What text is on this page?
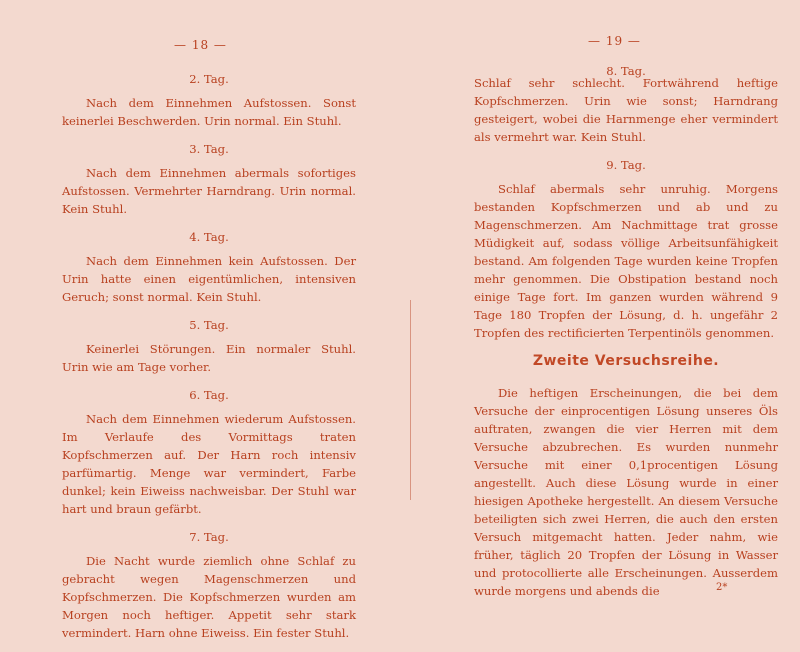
— 18 —
2. Tag.

Nach dem Einnehmen Aufstossen. Sonst keinerlei Beschwerden. Urin normal. Ein Stuhl.

3. Tag.

Nach dem Einnehmen abermals sofortiges Aufstossen. Vermehrter Harndrang. Urin normal. Kein Stuhl.

4. Tag.

Nach dem Einnehmen kein Aufstossen. Der Urin hatte einen eigentümlichen, intensiven Geruch; sonst normal. Kein Stuhl.

5. Tag.

Keinerlei Störungen. Ein normaler Stuhl. Urin wie am Tage vorher.

6. Tag.

Nach dem Einnehmen wiederum Aufstossen. Im Verlaufe des Vormittags traten Kopfschmerzen auf. Der Harn roch intensiv parfümartig. Menge war vermindert, Farbe dunkel; kein Eiweiss nachweisbar. Der Stuhl war hart und braun gefärbt.

7. Tag.

Die Nacht wurde ziemlich ohne Schlaf zu gebracht wegen Magenschmerzen und Kopfschmerzen. Die Kopfschmerzen wurden am Morgen noch heftiger. Appetit sehr stark vermindert. Harn ohne Eiweiss. Ein fester Stuhl.

— 19 —

Schlaf sehr schlecht. Fortwährend heftige Kopfschmerzen. Urin wie sonst; Harndrang gesteigert, wobei die Harnmenge eher vermindert als vermehrt war. Kein Stuhl.

9. Tag.

Schlaf abermals sehr unruhig. Morgens bestanden Kopfschmerzen und ab und zu Magenschmerzen. Am Nachmittage trat grosse Müdigkeit auf, sodass völlige Arbeitsunfähigkeit bestand. Am folgenden Tage wurden keine Tropfen mehr genommen. Die Obstipation bestand noch einige Tage fort. Im ganzen wurden während 9 Tage 180 Tropfen der Lösung, d. h. ungefähr 2 Tropfen des rectificierten Terpentinöls genommen.

Zweite Versuchsreihe.

Die heftigen Erscheinungen, die bei dem Versuche der einprocentigen Lösung unseres Öls auftraten, zwangen die vier Herren mit dem Versuche abzubrechen. Es wurden nunmehr Versuche mit einer 0,1procentigen Lösung angestellt. Auch diese Lösung wurde in einer hiesigen Apotheke hergestellt. An diesem Versuche beteiligten sich zwei Herren, die auch den ersten Versuch mitgemacht hatten. Jeder nahm, wie früher, täglich 20 Tropfen der Lösung in Wasser und protocollierte alle Erscheinungen. Ausserdem wurde morgens und abends die	2*
8. Tag.
